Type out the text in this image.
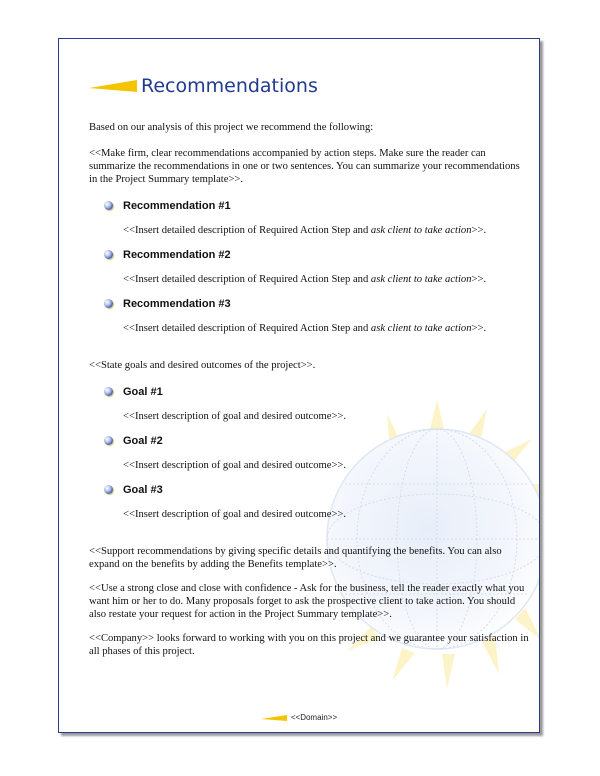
Recommendations

Based on our analysis of this project we recommend the following:

<<Make firm, clear recommendations accompanied by action steps. Make sure the reader can summarize the recommendations in one or two sentences. You can summarize your recommendations in the Project Summary template>>.

Recommendation #1

<<Insert detailed description of Required Action Step and ask client to take action>>.

Recommendation #2

<<Insert detailed description of Required Action Step and ask client to take action>>.

Recommendation #3

<<Insert detailed description of Required Action Step and ask client to take action>>.

<<State goals and desired outcomes of the project>>.

Goal #1

<<Insert description of goal and desired outcome>>.

Goal #2

<<Insert description of goal and desired outcome>>.

Goal #3

<<Insert description of goal and desired outcome>>.

<<Support recommendations by giving specific details and quantifying the benefits. You can also expand on the benefits by adding the Benefits template>>.

<<Use a strong close and close with confidence - Ask for the business, tell the reader exactly what you want him or her to do. Many proposals forget to ask the prospective client to take action. You should also restate your request for action in the Project Summary template>>.

<<Company>> looks forward to working with you on this project and we guarantee your satisfaction in all phases of this project.

<<Domain>>
